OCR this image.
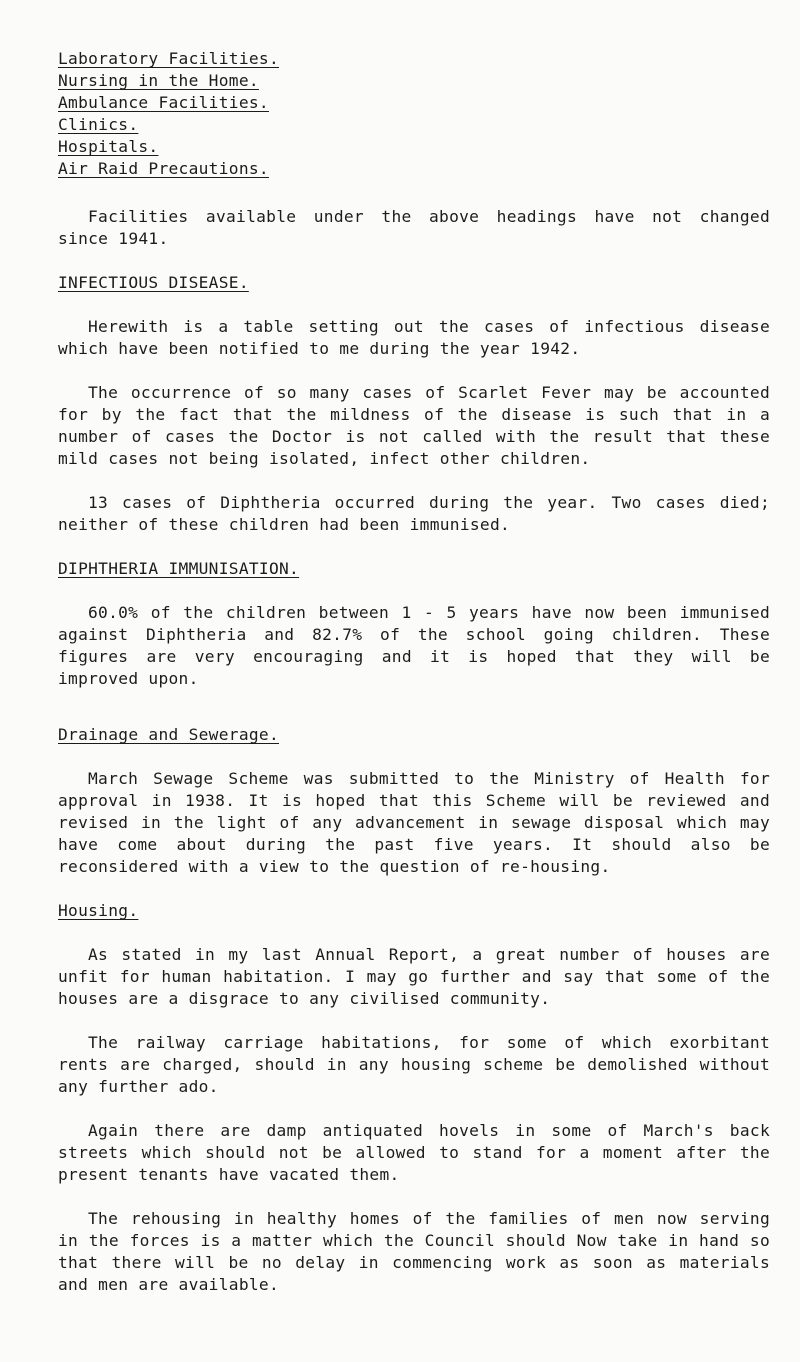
Laboratory Facilities.
Nursing in the Home.
Ambulance Facilities.
Clinics.
Hospitals.
Air Raid Precautions.

Facilities available under the above headings have not changed since 1941.

INFECTIOUS DISEASE.

Herewith is a table setting out the cases of infectious disease which have been notified to me during the year 1942.

The occurrence of so many cases of Scarlet Fever may be accounted for by the fact that the mildness of the disease is such that in a number of cases the Doctor is not called with the result that these mild cases not being isolated, infect other children.

13 cases of Diphtheria occurred during the year. Two cases died; neither of these children had been immunised.

DIPHTHERIA IMMUNISATION.

60.0% of the children between 1 - 5 years have now been immunised against Diphtheria and 82.7% of the school going children. These figures are very encouraging and it is hoped that they will be improved upon.

Drainage and Sewerage.

March Sewage Scheme was submitted to the Ministry of Health for approval in 1938. It is hoped that this Scheme will be reviewed and revised in the light of any advancement in sewage disposal which may have come about during the past five years. It should also be reconsidered with a view to the question of re-housing.

Housing.

As stated in my last Annual Report, a great number of houses are unfit for human habitation. I may go further and say that some of the houses are a disgrace to any civilised community.

The railway carriage habitations, for some of which exorbitant rents are charged, should in any housing scheme be demolished without any further ado.

Again there are damp antiquated hovels in some of March's back streets which should not be allowed to stand for a moment after the present tenants have vacated them.

The rehousing in healthy homes of the families of men now serving in the forces is a matter which the Council should Now take in hand so that there will be no delay in commencing work as soon as materials and men are available.
